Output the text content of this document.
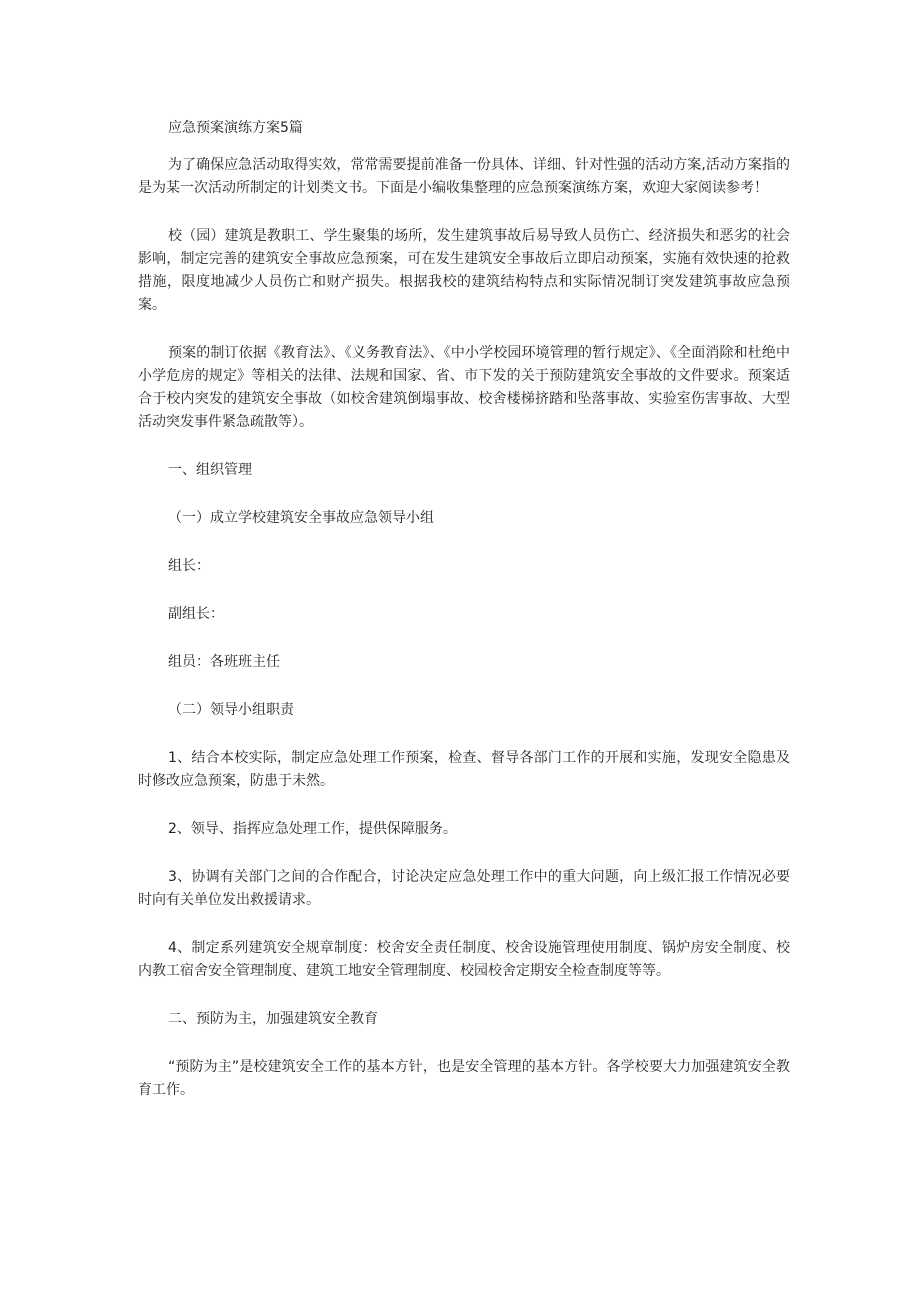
应急预案演练方案5篇

为了确保应急活动取得实效，常常需要提前准备一份具体、详细、针对性强的活动方案,活动方案指的是为某一次活动所制定的计划类文书。下面是小编收集整理的应急预案演练方案，欢迎大家阅读参考！

校（园）建筑是教职工、学生聚集的场所，发生建筑事故后易导致人员伤亡、经济损失和恶劣的社会影响，制定完善的建筑安全事故应急预案，可在发生建筑安全事故后立即启动预案，实施有效快速的抢救措施，限度地减少人员伤亡和财产损失。根据我校的建筑结构特点和实际情况制订突发建筑事故应急预案。

预案的制订依据《教育法》、《义务教育法》、《中小学校园环境管理的暂行规定》、《全面消除和杜绝中小学危房的规定》等相关的法律、法规和国家、省、市下发的关于预防建筑安全事故的文件要求。预案适合于校内突发的建筑安全事故（如校舍建筑倒塌事故、校舍楼梯挤踏和坠落事故、实验室伤害事故、大型活动突发事件紧急疏散等）。

一、组织管理

（一）成立学校建筑安全事故应急领导小组

组长：

副组长：

组员：各班班主任

（二）领导小组职责

1、结合本校实际，制定应急处理工作预案，检查、督导各部门工作的开展和实施，发现安全隐患及时修改应急预案，防患于未然。

2、领导、指挥应急处理工作，提供保障服务。

3、协调有关部门之间的合作配合，讨论决定应急处理工作中的重大问题，向上级汇报工作情况必要时向有关单位发出救援请求。

4、制定系列建筑安全规章制度：校舍安全责任制度、校舍设施管理使用制度、锅炉房安全制度、校内教工宿舍安全管理制度、建筑工地安全管理制度、校园校舍定期安全检查制度等等。

二、预防为主，加强建筑安全教育

“预防为主”是校建筑安全工作的基本方针，也是安全管理的基本方针。各学校要大力加强建筑安全教育工作。
